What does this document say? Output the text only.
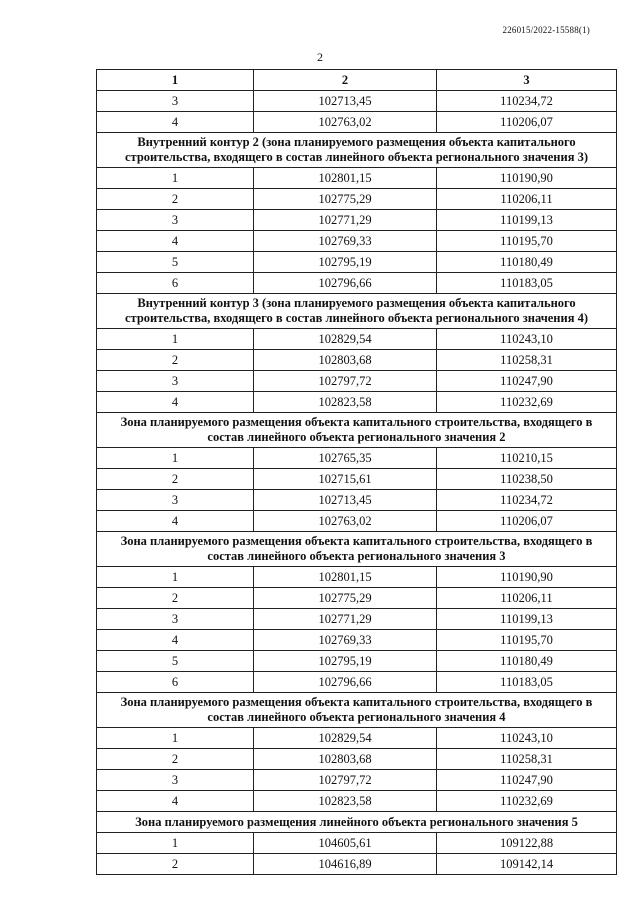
226015/2022-15588(1)
2
1	2	3
3	102713,45	110234,72
4	102763,02	110206,07
Внутренний контур 2 (зона планируемого размещения объекта капитального строительства, входящего в состав линейного объекта регионального значения 3)		
1	102801,15	110190,90
2	102775,29	110206,11
3	102771,29	110199,13
4	102769,33	110195,70
5	102795,19	110180,49
6	102796,66	110183,05
Внутренний контур 3 (зона планируемого размещения объекта капитального строительства, входящего в состав линейного объекта регионального значения 4)		
1	102829,54	110243,10
2	102803,68	110258,31
3	102797,72	110247,90
4	102823,58	110232,69
Зона планируемого размещения объекта капитального строительства, входящего в состав линейного объекта регионального значения 2		
1	102765,35	110210,15
2	102715,61	110238,50
3	102713,45	110234,72
4	102763,02	110206,07
Зона планируемого размещения объекта капитального строительства, входящего в состав линейного объекта регионального значения 3		
1	102801,15	110190,90
2	102775,29	110206,11
3	102771,29	110199,13
4	102769,33	110195,70
5	102795,19	110180,49
6	102796,66	110183,05
Зона планируемого размещения объекта капитального строительства, входящего в состав линейного объекта регионального значения 4		
1	102829,54	110243,10
2	102803,68	110258,31
3	102797,72	110247,90
4	102823,58	110232,69
Зона планируемого размещения линейного объекта регионального значения 5		
1	104605,61	109122,88
2	104616,89	109142,14
